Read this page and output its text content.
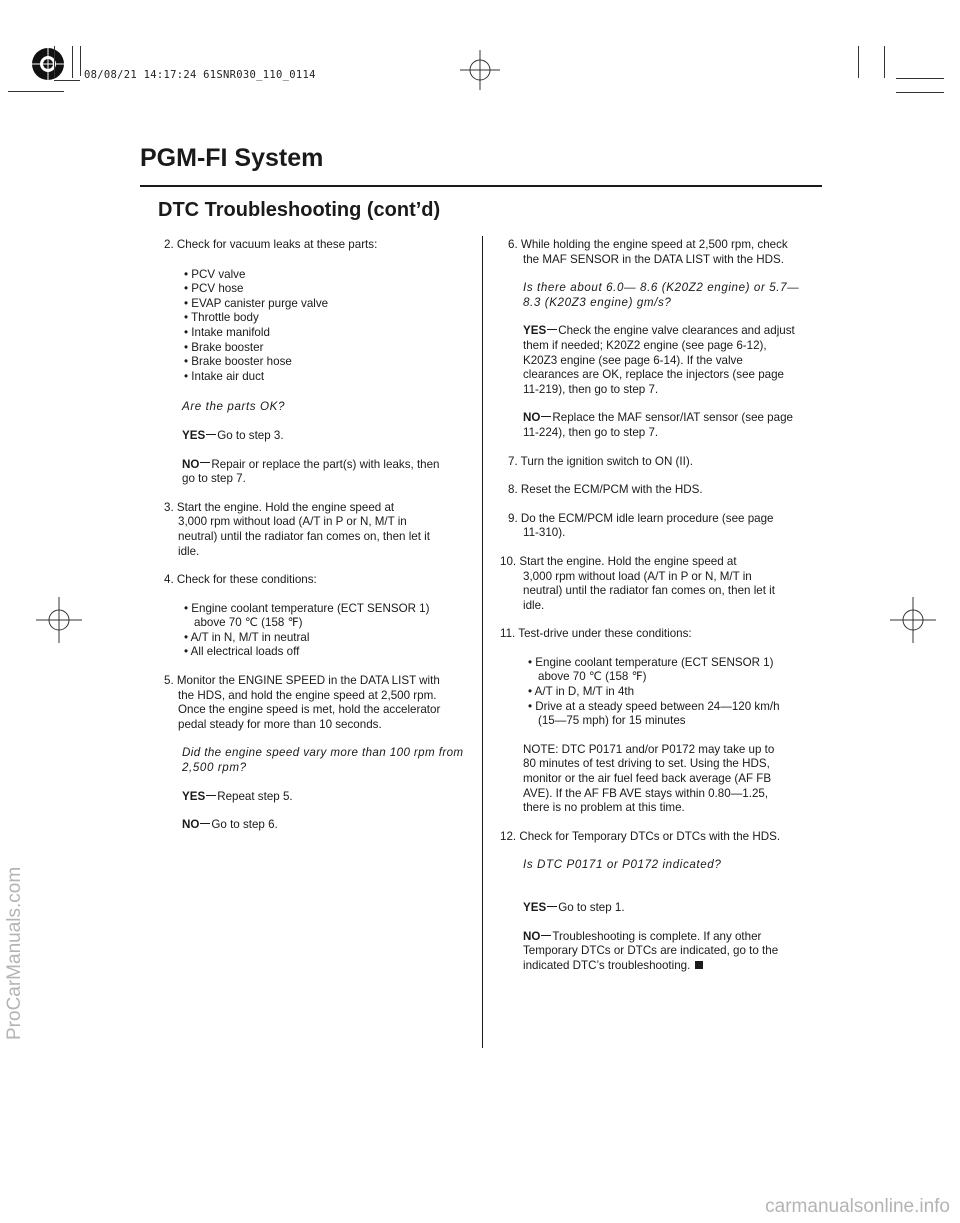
08/08/21 14:17:24 61SNR030_110_0114
PGM-FI System
DTC Troubleshooting (cont’d)
2. Check for vacuum leaks at these parts:
• PCV valve
• PCV hose
• EVAP canister purge valve
• Throttle body
• Intake manifold
• Brake booster
• Brake booster hose
• Intake air duct
Are the parts OK?
YES Go to step 3.
NO Repair or replace the part(s) with leaks, then
go to step 7.
3. Start the engine. Hold the engine speed at
3,000 rpm without load (A/T in P or N, M/T in
neutral) until the radiator fan comes on, then let it
idle.
4. Check for these conditions:
• Engine coolant temperature (ECT SENSOR 1)
above 70 ℃ (158 ℉)
• A/T in N, M/T in neutral
• All electrical loads off
5. Monitor the ENGINE SPEED in the DATA LIST with
the HDS, and hold the engine speed at 2,500 rpm.
Once the engine speed is met, hold the accelerator
pedal steady for more than 10 seconds.
Did the engine speed vary more than 100 rpm from
2,500 rpm?
YES Repeat step 5.
NO Go to step 6.
6. While holding the engine speed at 2,500 rpm, check
the MAF SENSOR in the DATA LIST with the HDS.
Is there about 6.0— 8.6 (K20Z2 engine) or 5.7—
8.3 (K20Z3 engine) gm/s?
YES Check the engine valve clearances and adjust
them if needed; K20Z2 engine (see page 6-12),
K20Z3 engine (see page 6-14). If the valve
clearances are OK, replace the injectors (see page
11-219), then go to step 7.
NO Replace the MAF sensor/IAT sensor (see page
11-224), then go to step 7.
7. Turn the ignition switch to ON (II).
8. Reset the ECM/PCM with the HDS.
9. Do the ECM/PCM idle learn procedure (see page
11-310).
10. Start the engine. Hold the engine speed at
3,000 rpm without load (A/T in P or N, M/T in
neutral) until the radiator fan comes on, then let it
idle.
11. Test-drive under these conditions:
• Engine coolant temperature (ECT SENSOR 1)
above 70 ℃ (158 ℉)
• A/T in D, M/T in 4th
• Drive at a steady speed between 24—120 km/h
(15—75 mph) for 15 minutes
NOTE: DTC P0171 and/or P0172 may take up to
80 minutes of test driving to set. Using the HDS,
monitor or the air fuel feed back average (AF FB
AVE). If the AF FB AVE stays within 0.80—1.25,
there is no problem at this time.
12. Check for Temporary DTCs or DTCs with the HDS.
Is DTC P0171 or P0172 indicated?
YES Go to step 1.
NO Troubleshooting is complete. If any other
Temporary DTCs or DTCs are indicated, go to the
indicated DTC’s troubleshooting.
ProCarManuals.com
carmanualsonline.info
